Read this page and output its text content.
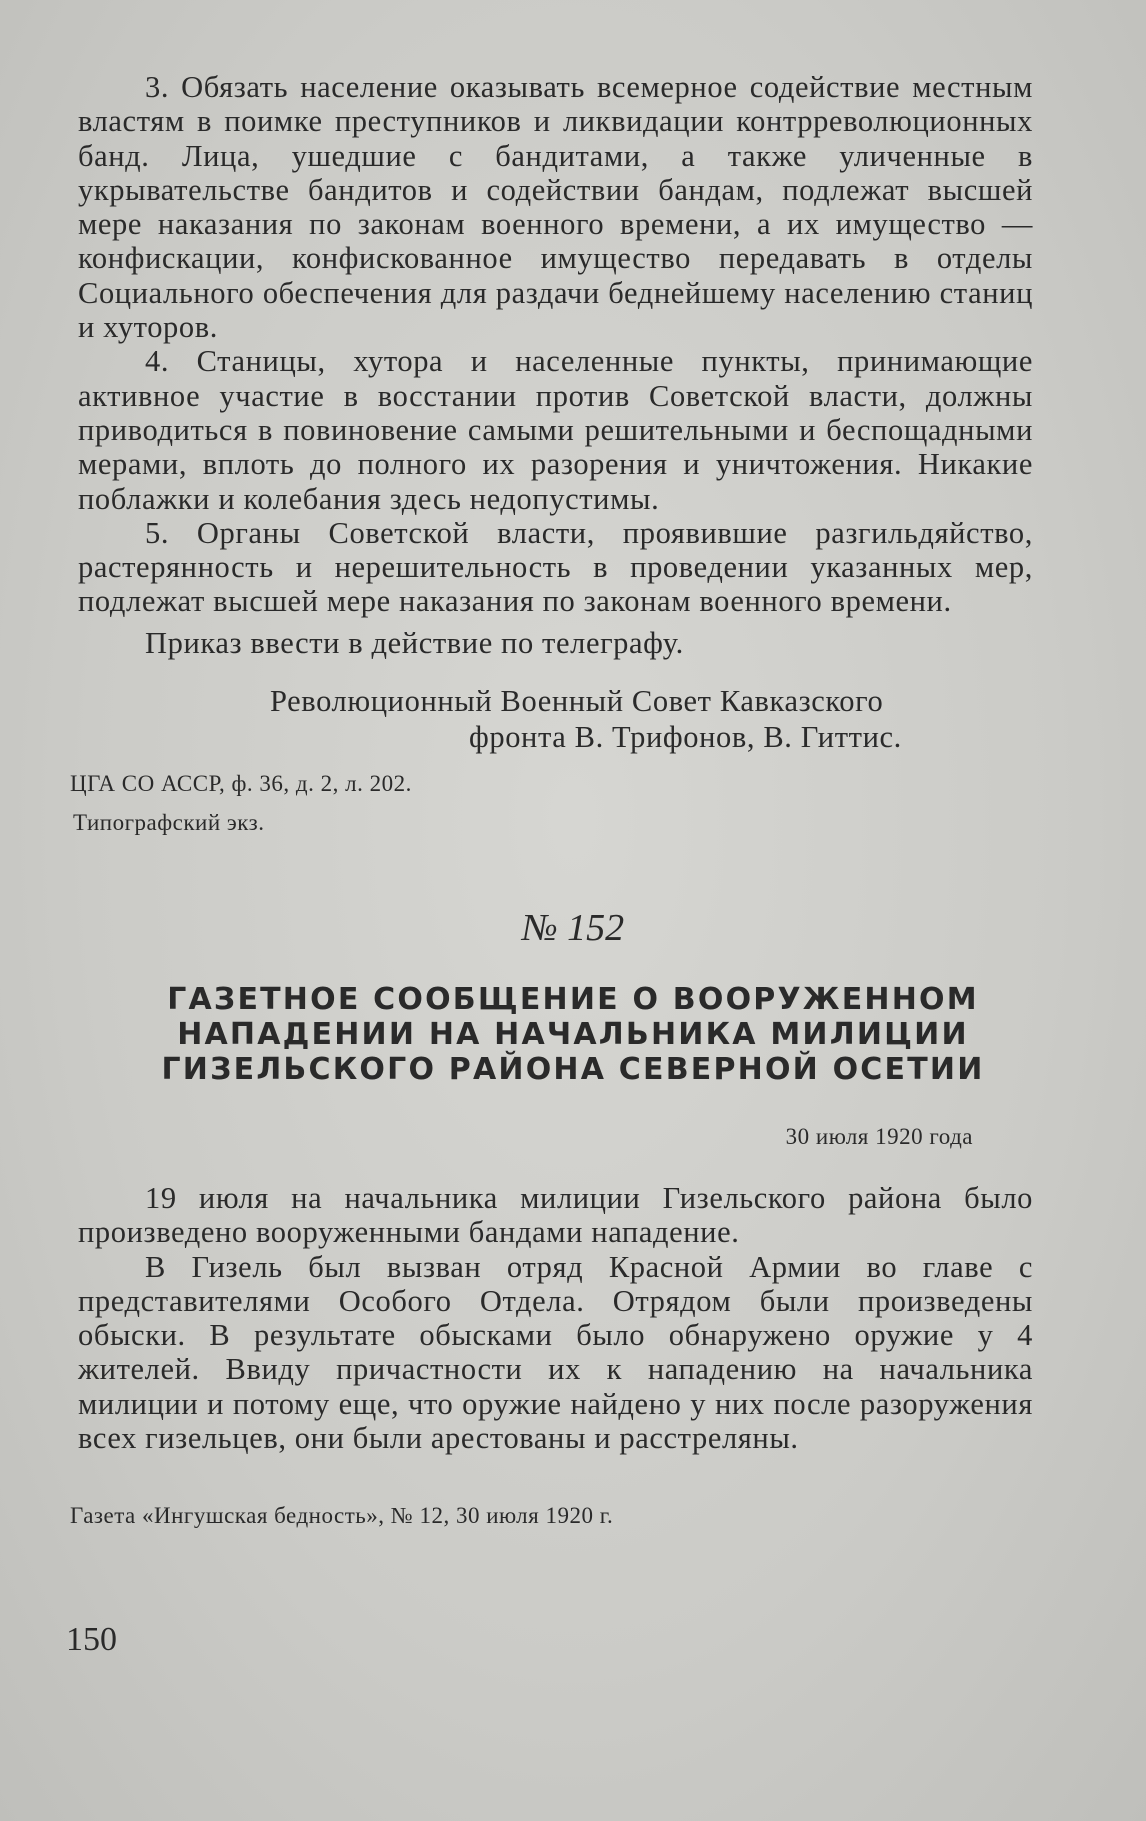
3. Обязать население оказывать всемерное содействие местным властям в поимке преступников и ликвидации контрреволюционных банд. Лица, ушедшие с бандитами, а также уличенные в укрывательстве бандитов и содействии бандам, подлежат высшей мере наказания по законам военного времени, а их имущество — конфискации, конфискованное имущество передавать в отделы Социального обеспечения для раздачи беднейшему населению станиц и хуторов.

4. Станицы, хутора и населенные пункты, принимающие активное участие в восстании против Советской власти, должны приводиться в повиновение самыми решительными и беспощадными мерами, вплоть до полного их разорения и уничтожения. Никакие поблажки и колебания здесь недопустимы.

5. Органы Советской власти, проявившие разгильдяйство, растерянность и нерешительность в проведении указанных мер, подлежат высшей мере наказания по законам военного времени.

Приказ ввести в действие по телеграфу.

Революционный Военный Совет Кавказского

фронта В. Трифонов, В. Гиттис.

ЦГА СО АССР, ф. 36, д. 2, л. 202.

Типографский экз.

№ 152

ГАЗЕТНОЕ СООБЩЕНИЕ О ВООРУЖЕННОМ
НАПАДЕНИИ НА НАЧАЛЬНИКА МИЛИЦИИ
ГИЗЕЛЬСКОГО РАЙОНА СЕВЕРНОЙ ОСЕТИИ

30 июля 1920 года

19 июля на начальника милиции Гизельского района было произведено вооруженными бандами нападение.

В Гизель был вызван отряд Красной Армии во главе с представителями Особого Отдела. Отрядом были произведены обыски. В результате обысками было обнаружено оружие у 4 жителей. Ввиду причастности их к нападению на начальника милиции и потому еще, что оружие найдено у них после разоружения всех гизельцев, они были арестованы и расстреляны.

Газета «Ингушская бедность», № 12, 30 июля 1920 г.

150
